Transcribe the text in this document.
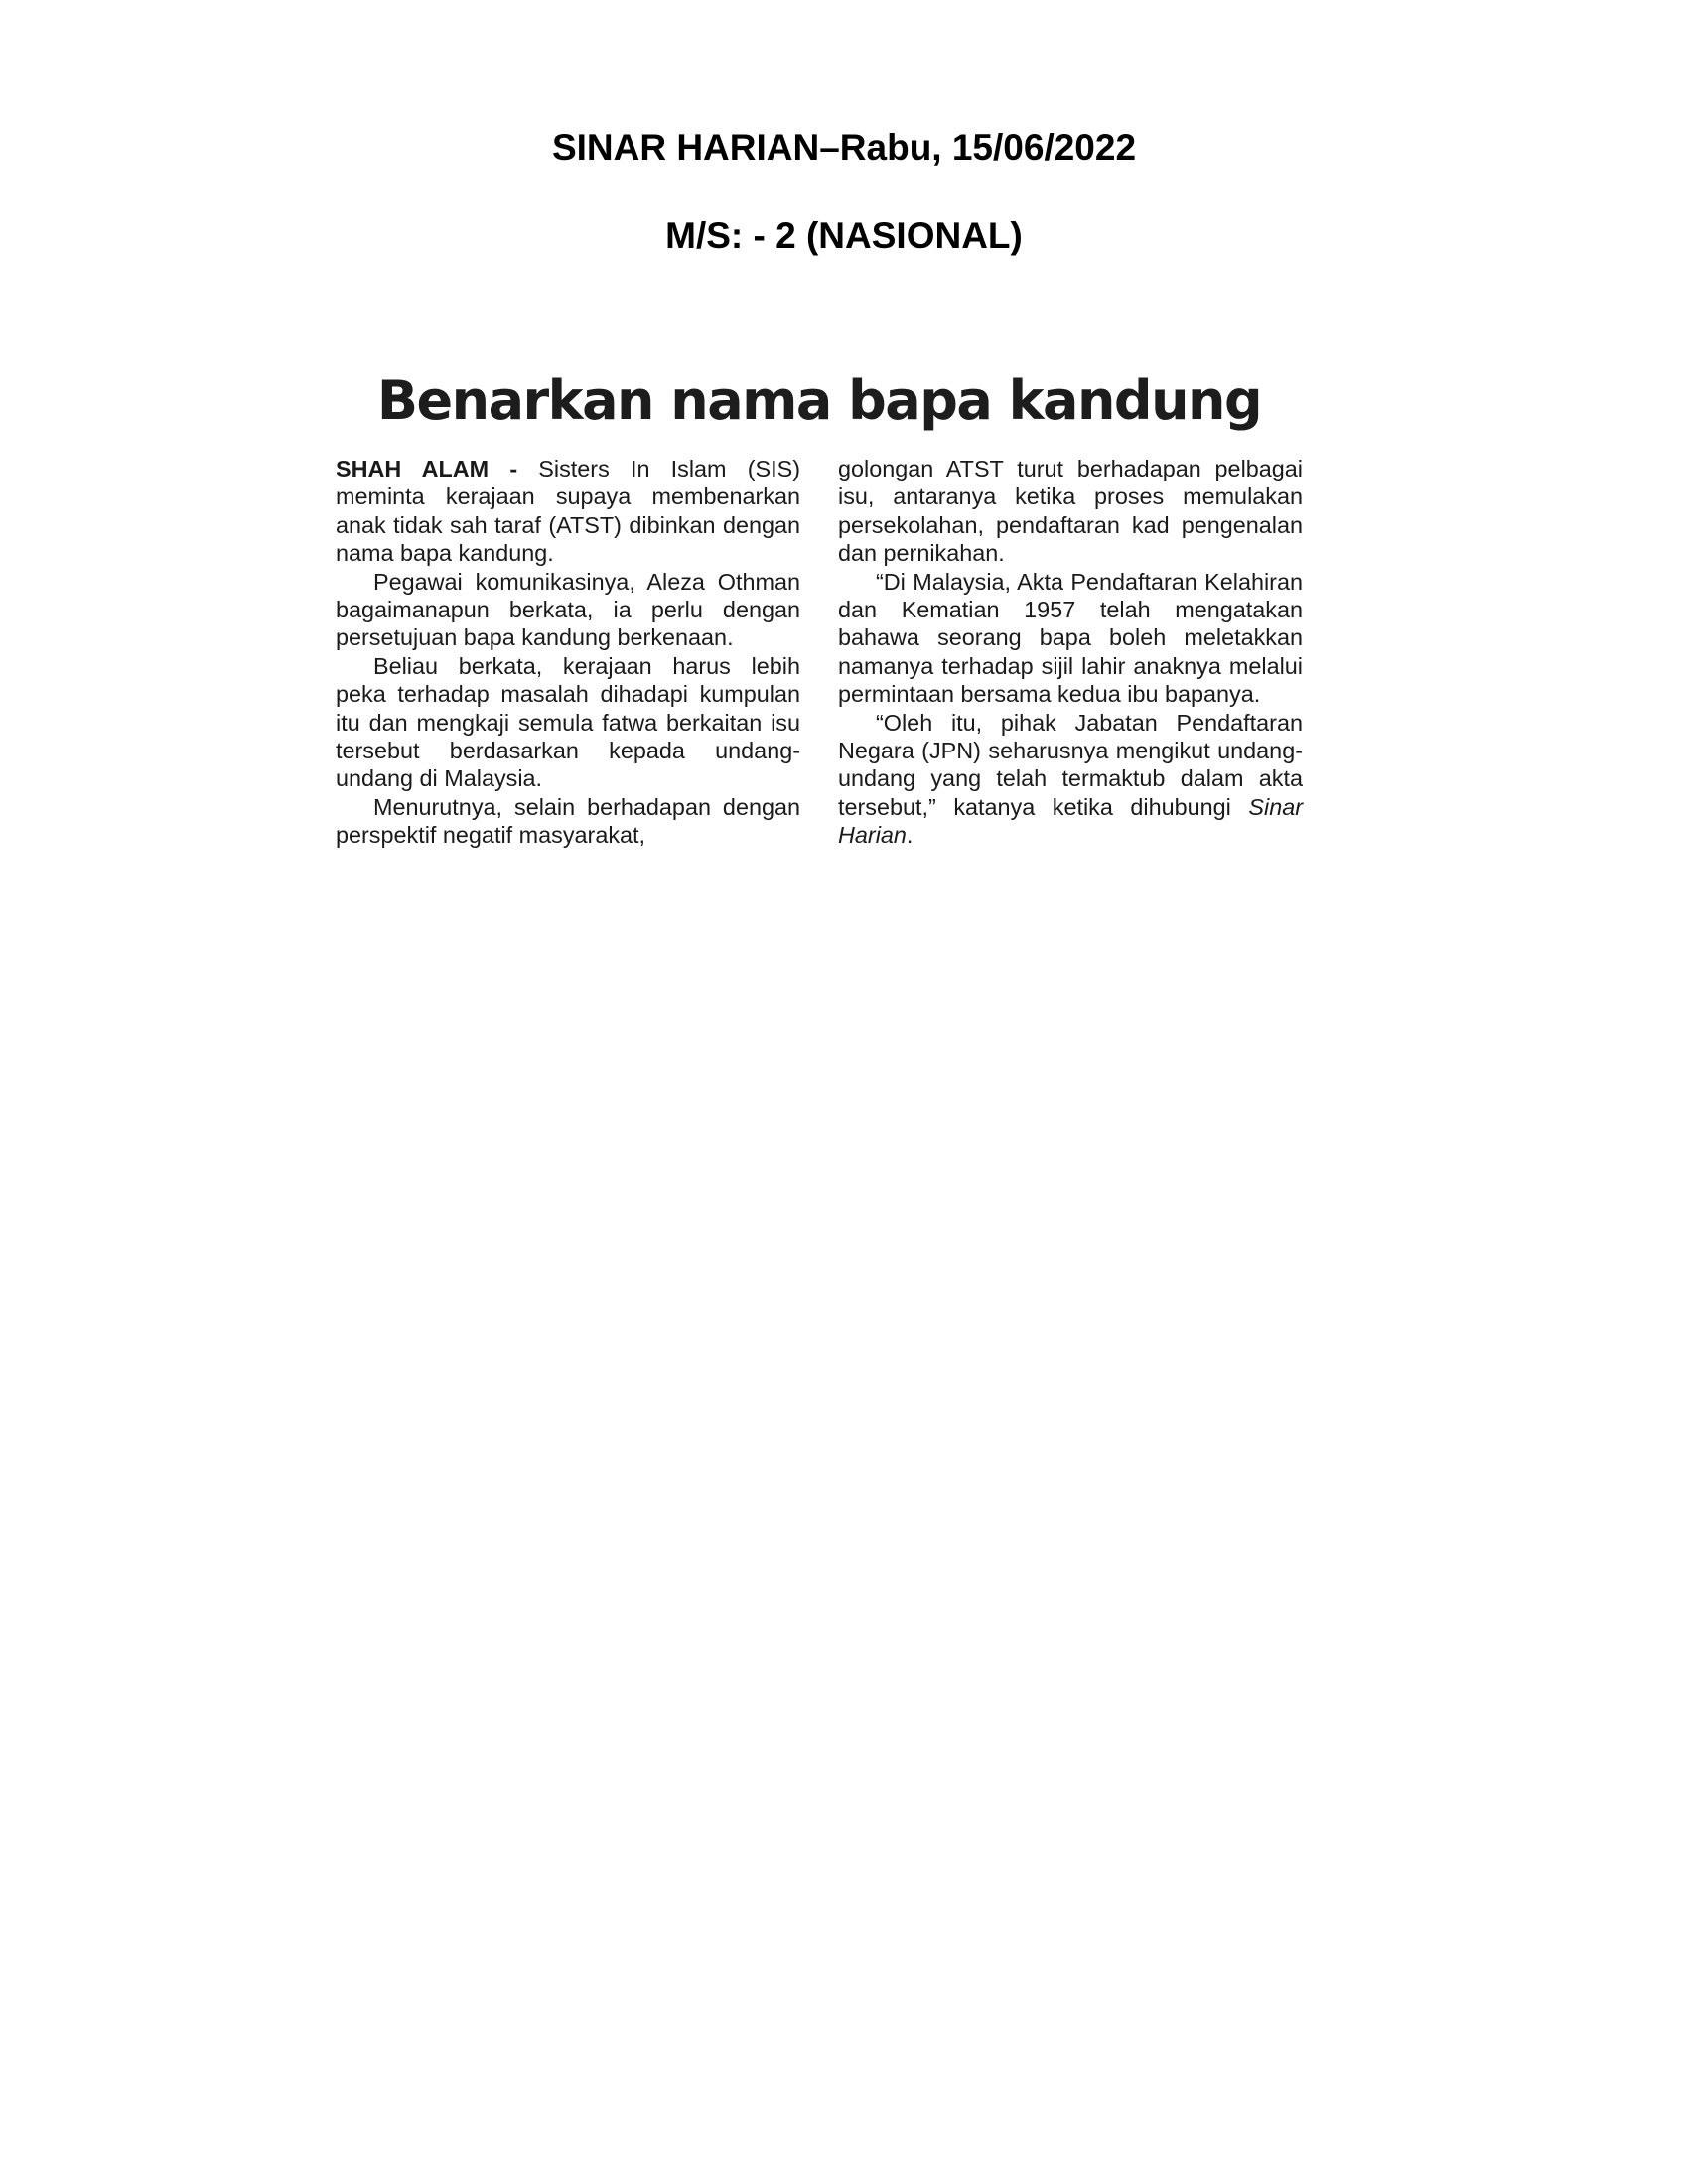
SINAR HARIAN–Rabu, 15/06/2022
M/S: - 2 (NASIONAL)
Benarkan nama bapa kandung

SHAH ALAM - Sisters In Islam (SIS) meminta kerajaan supaya membenarkan anak tidak sah taraf (ATST) dibinkan dengan nama bapa kandung.

Pegawai komunikasinya, Aleza Othman bagaimanapun berkata, ia perlu dengan persetujuan bapa kandung berkenaan.

Beliau berkata, kerajaan harus lebih peka terhadap masalah dihadapi kumpulan itu dan mengkaji semula fatwa berkaitan isu tersebut berdasarkan kepada undang-undang di Malaysia.

Menurutnya, selain berhadapan dengan perspektif negatif masyarakat,

golongan ATST turut berhadapan pelbagai isu, antaranya ketika proses memulakan persekolahan, pendaftaran kad pengenalan dan pernikahan.

“Di Malaysia, Akta Pendaftaran Kelahiran dan Kematian 1957 telah mengatakan bahawa seorang bapa boleh meletakkan namanya terhadap sijil lahir anaknya melalui permintaan bersama kedua ibu bapanya.

“Oleh itu, pihak Jabatan Pendaftaran Negara (JPN) seharusnya mengikut undang-undang yang telah termaktub dalam akta tersebut,” katanya ketika dihubungi Sinar Harian.
